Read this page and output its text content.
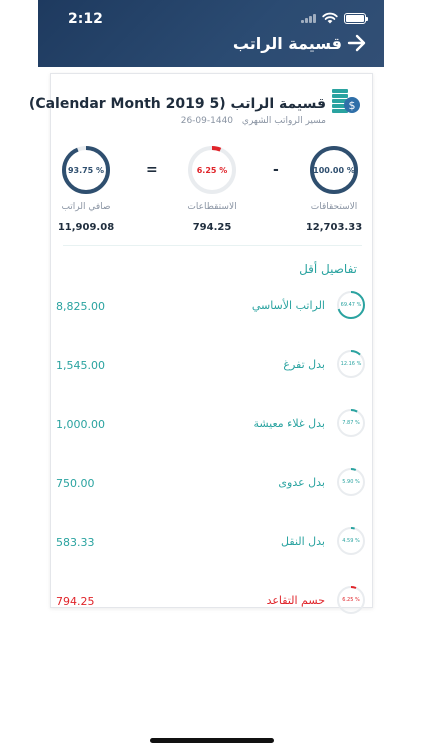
2:12
قسيمة الراتب
$
قسيمة الراتب (5 Calendar Month 2019)
مسير الرواتب الشهري 1440-09-26
100.00 %
الاستحقاقات
12,703.33
-
6.25 %
الاستقطاعات
794.25
=
93.75 %
صافي الراتب
11,909.08
تفاصيل أقل
8,825.00	الراتب الأساسي	69.47 %
1,545.00	بدل تفرغ	12.16 %
1,000.00	بدل غلاء معيشة	7.87 %
750.00	بدل عدوى	5.90 %
583.33	بدل النقل	4.59 %
794.25	حسم التقاعد	6.25 %
